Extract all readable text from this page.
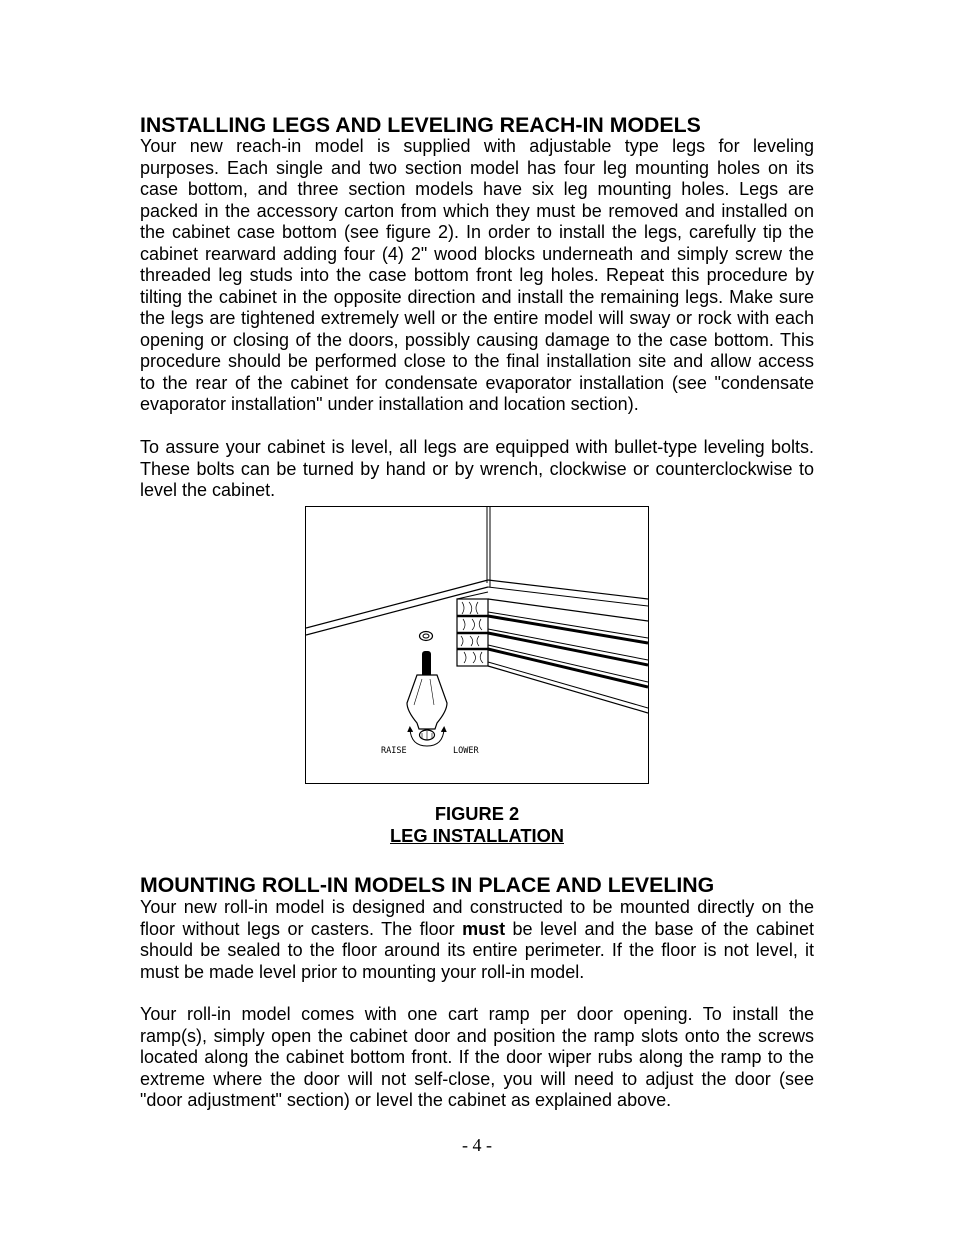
INSTALLING LEGS AND LEVELING REACH-IN MODELS
Your new reach-in model is supplied with adjustable type legs for leveling
purposes. Each single and two section model has four leg mounting holes on its
case bottom, and three section models have six leg mounting holes. Legs are
packed in the accessory carton from which they must be removed and installed on
the cabinet case bottom (see figure 2). In order to install the legs, carefully tip the
cabinet rearward adding four (4) 2" wood blocks underneath and simply screw the
threaded leg studs into the case bottom front leg holes. Repeat this procedure by
tilting the cabinet in the opposite direction and install the remaining legs. Make sure
the legs are tightened extremely well or the entire model will sway or rock with each
opening or closing of the doors, possibly causing damage to the case bottom. This
procedure should be performed close to the final installation site and allow access
to the rear of the cabinet for condensate evaporator installation (see "condensate
evaporator installation" under installation and location section).
To assure your cabinet is level, all legs are equipped with bullet-type leveling bolts.
These bolts can be turned by hand or by wrench, clockwise or counterclockwise to
level the cabinet.
RAISE	LOWER
FIGURE 2
LEG INSTALLATION
MOUNTING ROLL-IN MODELS IN PLACE AND LEVELING
Your new roll-in model is designed and constructed to be mounted directly on the
floor without legs or casters. The floor must be level and the base of the cabinet
should be sealed to the floor around its entire perimeter. If the floor is not level, it
must be made level prior to mounting your roll-in model.
Your roll-in model comes with one cart ramp per door opening. To install the
ramp(s), simply open the cabinet door and position the ramp slots onto the screws
located along the cabinet bottom front. If the door wiper rubs along the ramp to the
extreme where the door will not self-close, you will need to adjust the door (see
"door adjustment" section) or level the cabinet as explained above.
- 4 -
